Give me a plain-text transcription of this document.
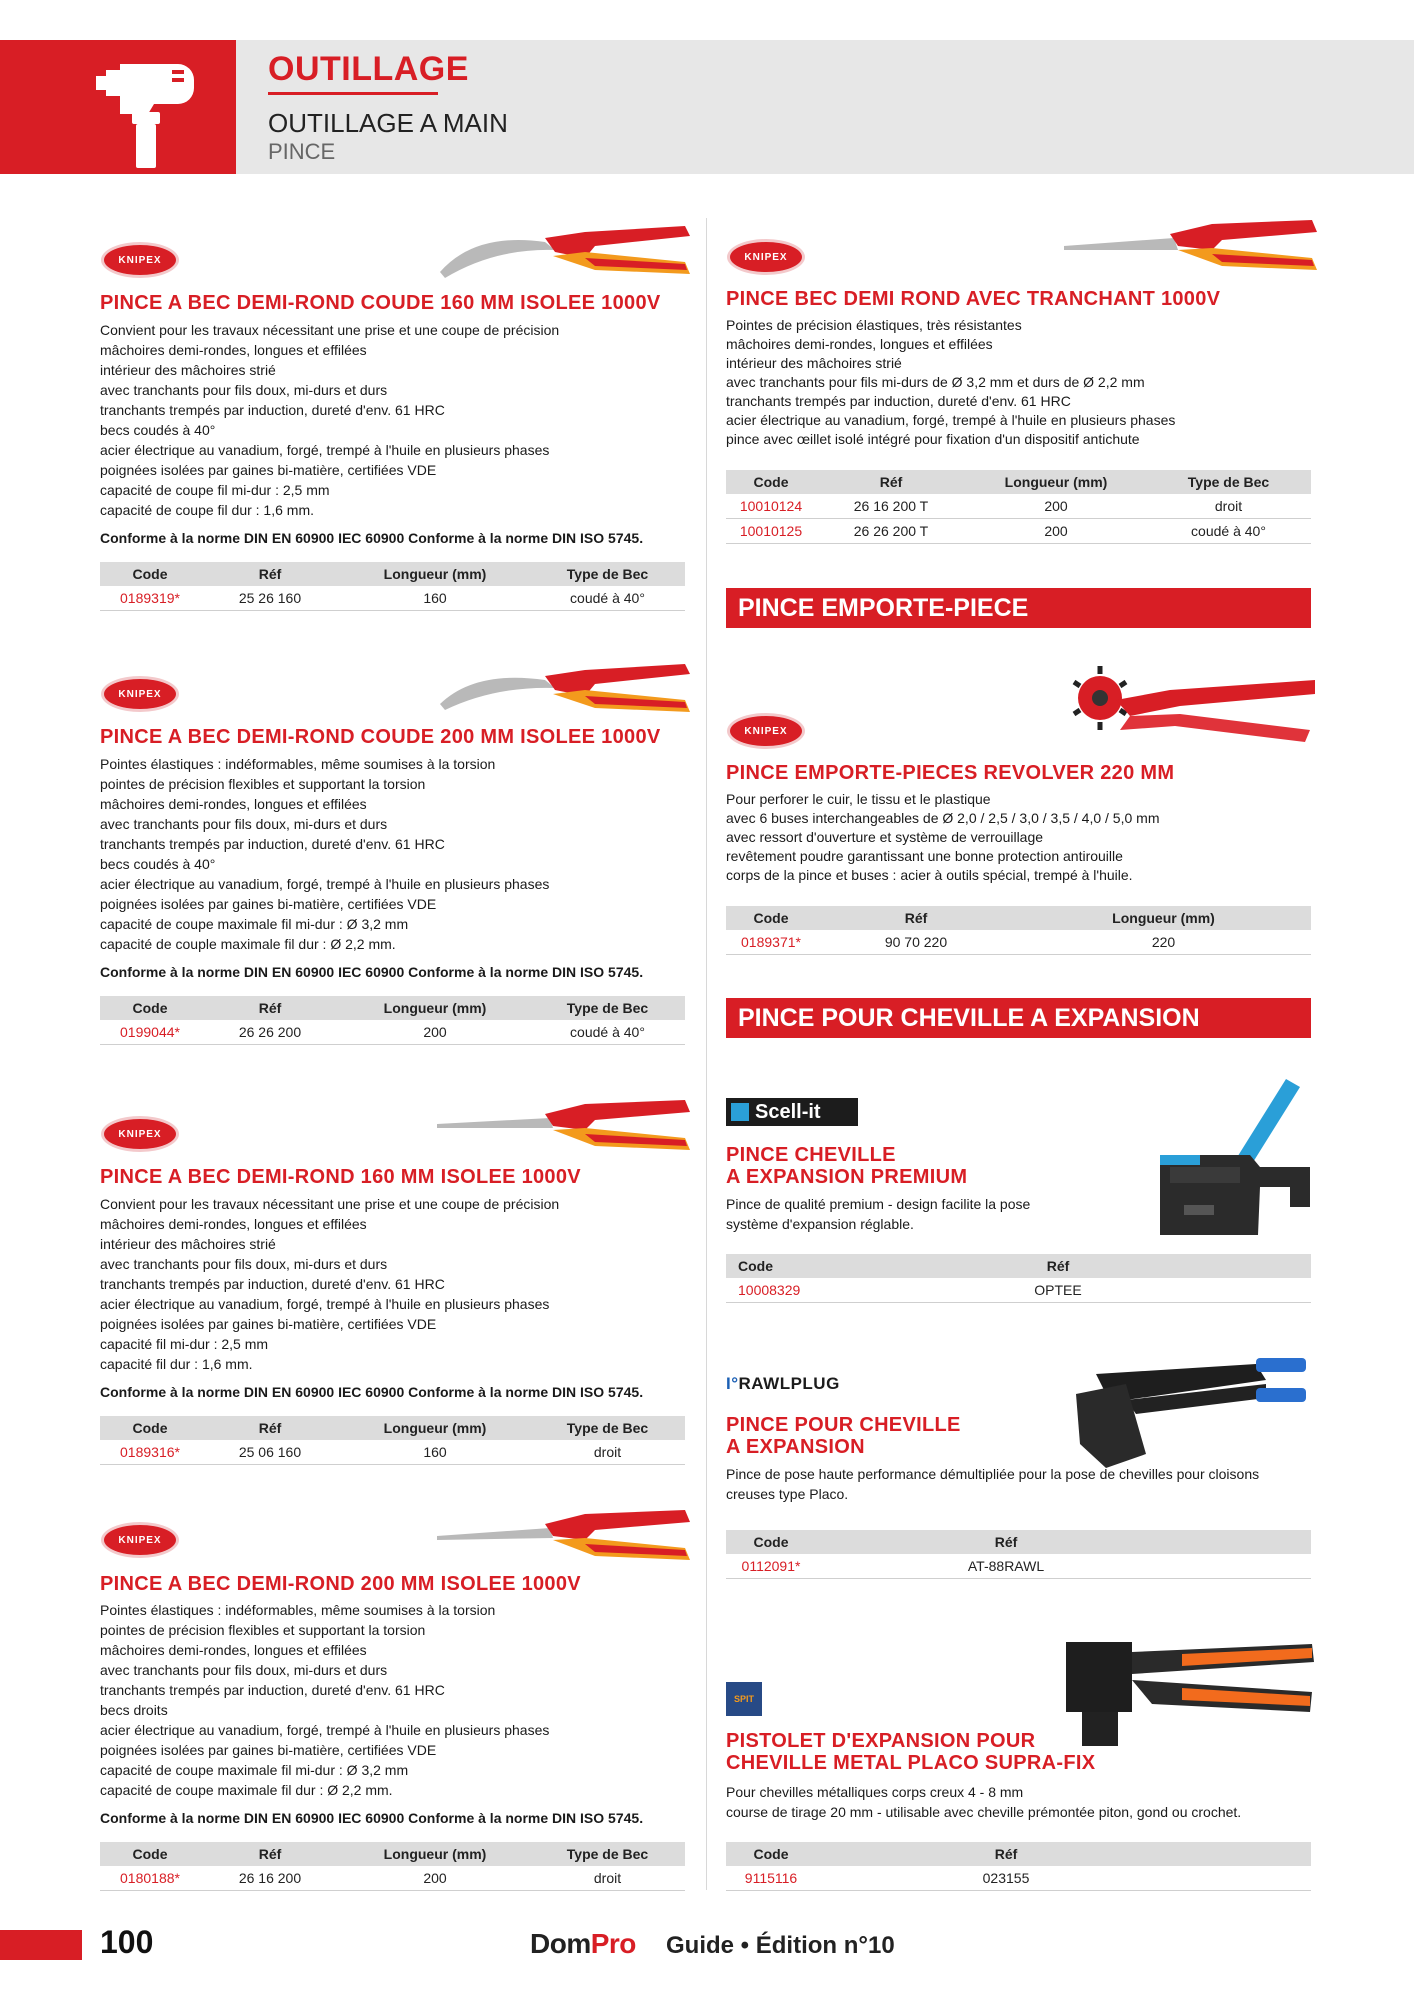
OUTILLAGE
OUTILLAGE A MAIN
PINCE
KNIPEX
PINCE A BEC DEMI-ROND COUDE 160 MM ISOLEE 1000V
Convient pour les travaux nécessitant une prise et une coupe de précision
mâchoires demi-rondes, longues et effilées
intérieur des mâchoires strié
avec tranchants pour fils doux, mi-durs et durs
tranchants trempés par induction, dureté d'env. 61 HRC
becs coudés à 40°
acier électrique au vanadium, forgé, trempé à l'huile en plusieurs phases
poignées isolées par gaines bi-matière, certifiées VDE
capacité de coupe fil mi-dur : 2,5 mm
capacité de coupe fil dur : 1,6 mm.
Conforme à la norme DIN EN 60900 IEC 60900 Conforme à la norme DIN ISO 5745.
Code	Réf	Longueur (mm)	Type de Bec
0189319*	25 26 160	160	coudé à 40°
KNIPEX
PINCE A BEC DEMI-ROND COUDE 200 MM ISOLEE 1000V
Pointes élastiques : indéformables, même soumises à la torsion
pointes de précision flexibles et supportant la torsion
mâchoires demi-rondes, longues et effilées
avec tranchants pour fils doux, mi-durs et durs
tranchants trempés par induction, dureté d'env. 61 HRC
becs coudés à 40°
acier électrique au vanadium, forgé, trempé à l'huile en plusieurs phases
poignées isolées par gaines bi-matière, certifiées VDE
capacité de coupe maximale fil mi-dur : Ø 3,2 mm
capacité de couple maximale fil dur : Ø 2,2 mm.
Conforme à la norme DIN EN 60900 IEC 60900 Conforme à la norme DIN ISO 5745.
Code	Réf	Longueur (mm)	Type de Bec
0199044*	26 26 200	200	coudé à 40°
KNIPEX
PINCE A BEC DEMI-ROND 160 MM ISOLEE 1000V
Convient pour les travaux nécessitant une prise et une coupe de précision
mâchoires demi-rondes, longues et effilées
intérieur des mâchoires strié
avec tranchants pour fils doux, mi-durs et durs
tranchants trempés par induction, dureté d'env. 61 HRC
acier électrique au vanadium, forgé, trempé à l'huile en plusieurs phases
poignées isolées par gaines bi-matière, certifiées VDE
capacité fil mi-dur : 2,5 mm
capacité fil dur : 1,6 mm.
Conforme à la norme DIN EN 60900 IEC 60900 Conforme à la norme DIN ISO 5745.
Code	Réf	Longueur (mm)	Type de Bec
0189316*	25 06 160	160	droit
KNIPEX
PINCE A BEC DEMI-ROND 200 MM ISOLEE 1000V
Pointes élastiques : indéformables, même soumises à la torsion
pointes de précision flexibles et supportant la torsion
mâchoires demi-rondes, longues et effilées
avec tranchants pour fils doux, mi-durs et durs
tranchants trempés par induction, dureté d'env. 61 HRC
becs droits
acier électrique au vanadium, forgé, trempé à l'huile en plusieurs phases
poignées isolées par gaines bi-matière, certifiées VDE
capacité de coupe maximale fil mi-dur : Ø 3,2 mm
capacité de coupe maximale fil dur : Ø 2,2 mm.
Conforme à la norme DIN EN 60900 IEC 60900 Conforme à la norme DIN ISO 5745.
Code	Réf	Longueur (mm)	Type de Bec
0180188*	26 16 200	200	droit
KNIPEX
PINCE BEC DEMI ROND AVEC TRANCHANT 1000V
Pointes de précision élastiques, très résistantes
mâchoires demi-rondes, longues et effilées
intérieur des mâchoires strié
avec tranchants pour fils mi-durs de Ø 3,2 mm et durs de Ø 2,2 mm
tranchants trempés par induction, dureté d'env. 61 HRC
acier électrique au vanadium, forgé, trempé à l'huile en plusieurs phases
pince avec œillet isolé intégré pour fixation d'un dispositif antichute
Code	Réf	Longueur (mm)	Type de Bec
10010124	26 16 200 T	200	droit
10010125	26 26 200 T	200	coudé à 40°
PINCE EMPORTE-PIECE
KNIPEX
PINCE EMPORTE-PIECES REVOLVER 220 MM
Pour perforer le cuir, le tissu et le plastique
avec 6 buses interchangeables de Ø 2,0 / 2,5 / 3,0 / 3,5 / 4,0 / 5,0 mm
avec ressort d'ouverture et système de verrouillage
revêtement poudre garantissant une bonne protection antirouille
corps de la pince et buses : acier à outils spécial, trempé à l'huile.
Code	Réf	Longueur (mm)
0189371*	90 70 220	220
PINCE POUR CHEVILLE A EXPANSION
Scell-it
PINCE CHEVILLE
A EXPANSION PREMIUM
Pince de qualité premium - design facilite la pose
système d'expansion réglable.
Code	Réf	
10008329	OPTEE	
I°RAWLPLUG
PINCE POUR CHEVILLE
A EXPANSION
Pince de pose haute performance démultipliée pour la pose de chevilles pour cloisons
creuses type Placo.
Code	Réf	
0112091*	AT-88RAWL	
SPIT
PISTOLET D'EXPANSION POUR
CHEVILLE METAL PLACO SUPRA-FIX
Pour chevilles métalliques corps creux 4 - 8 mm
course de tirage 20 mm - utilisable avec cheville prémontée piton, gond ou crochet.
Code	Réf	
9115116	023155	
100	DomPro Guide • Édition n°10
